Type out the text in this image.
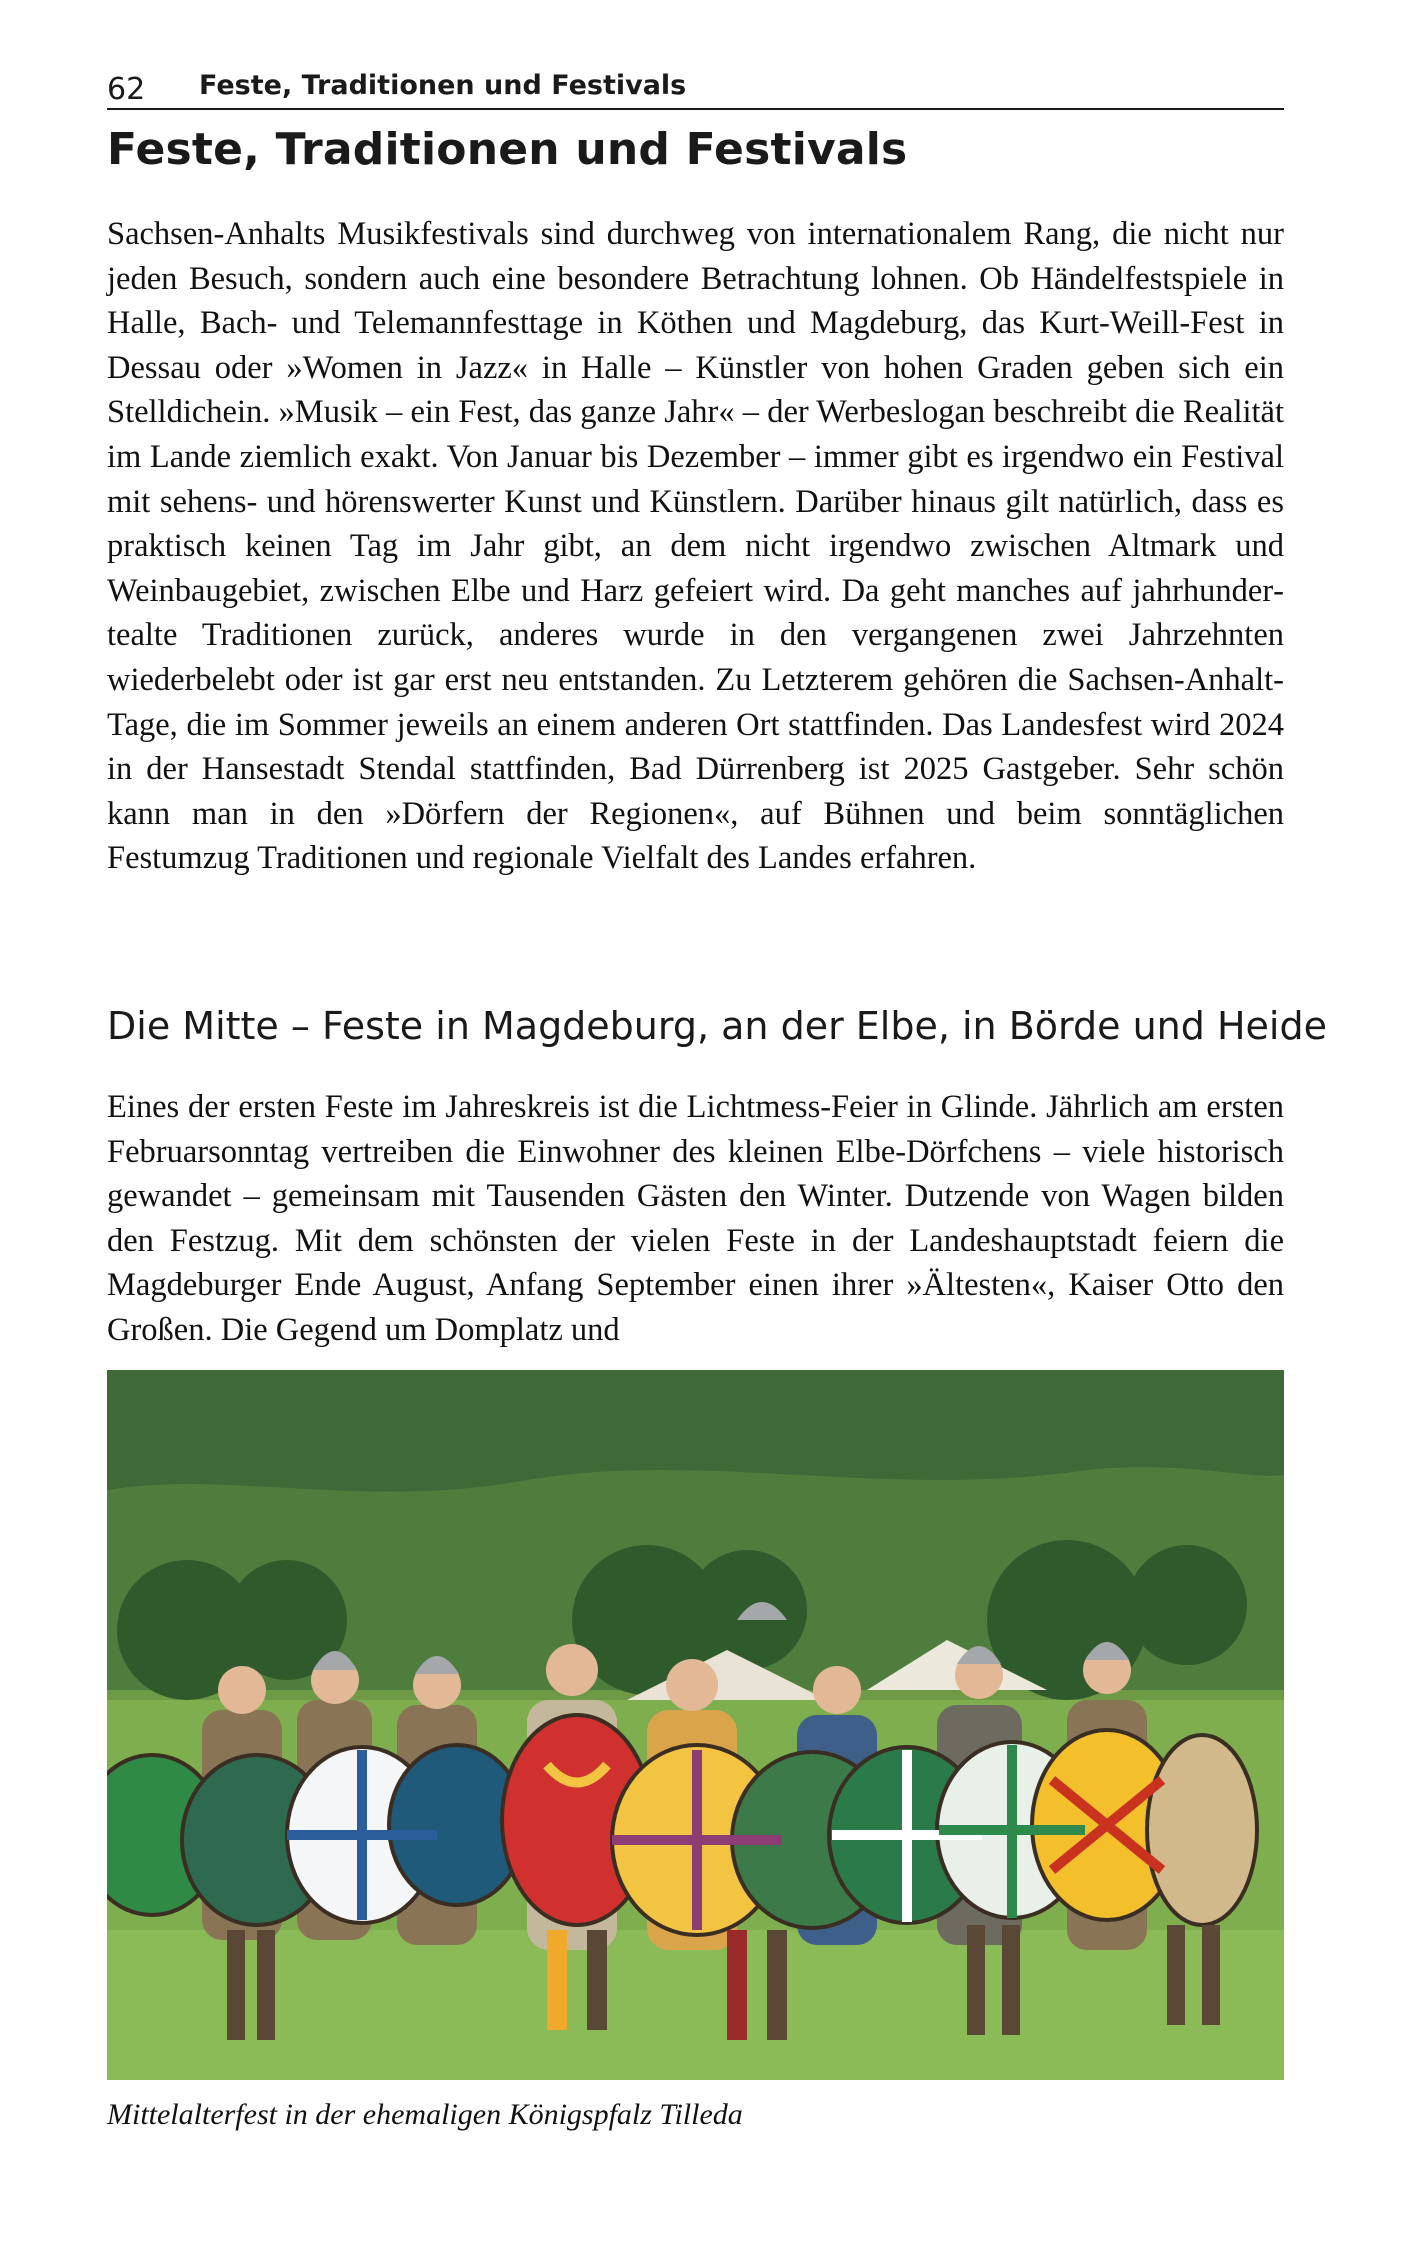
62 Feste, Traditionen und Festivals
Feste, Traditionen und Festivals

Sachsen-Anhalts Musikfestivals sind durchweg von internationalem Rang, die nicht nur jeden Besuch, sondern auch eine besondere Betrachtung lohnen. Ob Händelfestspiele in Halle, Bach- und Telemannfesttage in Köthen und Magdeburg, das Kurt-Weill-Fest in Dessau oder »Women in Jazz« in Halle – Künstler von hohen Graden geben sich ein Stelldichein. »Musik – ein Fest, das ganze Jahr« – der Werbeslogan beschreibt die Realität im Lande ziemlich exakt. Von Januar bis Dezember – immer gibt es irgendwo ein Festival mit sehens- und hörenswerter Kunst und Künstlern. Darüber hinaus gilt natürlich, dass es praktisch keinen Tag im Jahr gibt, an dem nicht irgendwo zwischen Altmark und Weinbaugebiet, zwischen Elbe und Harz gefeiert wird. Da geht manches auf jahrhundertealte Traditionen zurück, anderes wurde in den vergangenen zwei Jahrzehnten wiederbelebt oder ist gar erst neu entstanden. Zu Letzterem gehören die Sachsen-Anhalt-Tage, die im Sommer jeweils an einem anderen Ort stattfinden. Das Landesfest wird 2024 in der Hansestadt Stendal stattfinden, Bad Dürrenberg ist 2025 Gastgeber. Sehr schön kann man in den »Dörfern der Regionen«, auf Bühnen und beim sonntäglichen Festumzug Traditionen und regionale Vielfalt des Landes erfahren.

Die Mitte – Feste in Magdeburg, an der Elbe, in Börde und Heide

Eines der ersten Feste im Jahreskreis ist die Lichtmess-Feier in Glinde. Jährlich am ersten Februarsonntag vertreiben die Einwohner des kleinen Elbe-Dörfchens – viele historisch gewandet – gemeinsam mit Tausenden Gästen den Winter. Dutzende von Wagen bilden den Festzug. Mit dem schönsten der vielen Feste in der Landeshauptstadt feiern die Magdeburger Ende August, Anfang September einen ihrer »Ältesten«, Kaiser Otto den Großen. Die Gegend um Domplatz und

Mittelalterfest in der ehemaligen Königspfalz Tilleda
